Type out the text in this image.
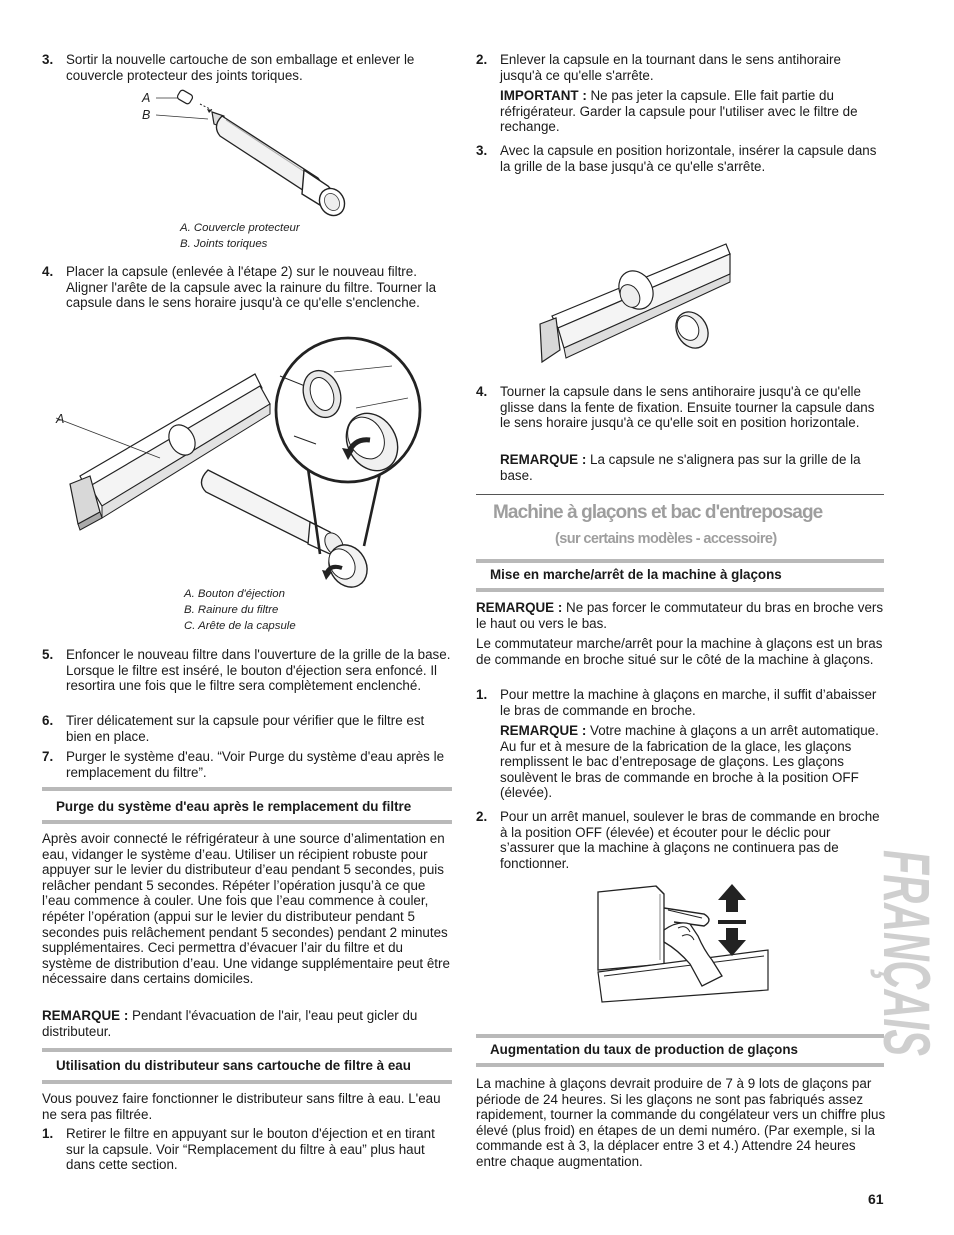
3. Sortir la nouvelle cartouche de son emballage et enlever le couvercle protecteur des joints toriques.
A
B
A. Couvercle protecteur
B. Joints toriques
4. Placer la capsule (enlevée à l'étape 2) sur le nouveau filtre. Aligner l'arête de la capsule avec la rainure du filtre. Tourner la capsule dans le sens horaire jusqu'à ce qu'elle s'enclenche.
A
A. Bouton d'éjection
B. Rainure du filtre
C. Arête de la capsule
5. Enfoncer le nouveau filtre dans l'ouverture de la grille de la base. Lorsque le filtre est inséré, le bouton d'éjection sera enfoncé. Il resortira une fois que le filtre sera complètement enclenché.
6. Tirer délicatement sur la capsule pour vérifier que le filtre est bien en place.
7. Purger le système d'eau. “Voir Purge du système d'eau après le remplacement du filtre”.
Purge du système d'eau après le remplacement du filtre
Après avoir connecté le réfrigérateur à une source d’alimentation en eau, vidanger le système d’eau. Utiliser un récipient robuste pour appuyer sur le levier du distributeur d’eau pendant 5 secondes, puis relâcher pendant 5 secondes. Répéter l’opération jusqu’à ce que l’eau commence à couler. Une fois que l’eau commence à couler, répéter l’opération (appui sur le levier du distributeur pendant 5 secondes puis relâchement pendant 5 secondes) pendant 2 minutes supplémentaires. Ceci permettra d’évacuer l’air du filtre et du système de distribution d’eau. Une vidange supplémentaire peut être nécessaire dans certains domiciles.
REMARQUE : Pendant l'évacuation de l'air, l'eau peut gicler du distributeur.
Utilisation du distributeur sans cartouche de filtre à eau
Vous pouvez faire fonctionner le distributeur sans filtre à eau. L'eau ne sera pas filtrée.
1. Retirer le filtre en appuyant sur le bouton d'éjection et en tirant sur la capsule. Voir “Remplacement du filtre à eau” plus haut dans cette section.
2. Enlever la capsule en la tournant dans le sens antihoraire jusqu'à ce qu'elle s'arrête.
IMPORTANT : Ne pas jeter la capsule. Elle fait partie du réfrigérateur. Garder la capsule pour l'utiliser avec le filtre de rechange.
3. Avec la capsule en position horizontale, insérer la capsule dans la grille de la base jusqu'à ce qu'elle s'arrête.
4. Tourner la capsule dans le sens antihoraire jusqu'à ce qu'elle glisse dans la fente de fixation. Ensuite tourner la capsule dans le sens horaire jusqu'à ce qu'elle soit en position horizontale.
REMARQUE : La capsule ne s'alignera pas sur la grille de la base.
Machine à glaçons et bac d'entreposage
(sur certains modèles - accessoire)
Mise en marche/arrêt de la machine à glaçons
REMARQUE : Ne pas forcer le commutateur du bras en broche vers le haut ou vers le bas.
Le commutateur marche/arrêt pour la machine à glaçons est un bras de commande en broche situé sur le côté de la machine à glaçons.
1. Pour mettre la machine à glaçons en marche, il suffit d’abaisser le bras de commande en broche.
REMARQUE : Votre machine à glaçons a un arrêt automatique. Au fur et à mesure de la fabrication de la glace, les glaçons remplissent le bac d’entreposage de glaçons. Les glaçons soulèvent le bras de commande en broche à la position OFF (élevée).
2. Pour un arrêt manuel, soulever le bras de commande en broche à la position OFF (élevée) et écouter pour le déclic pour s’assurer que la machine à glaçons ne continuera pas de fonctionner.
Augmentation du taux de production de glaçons
La machine à glaçons devrait produire de 7 à 9 lots de glaçons par période de 24 heures. Si les glaçons ne sont pas fabriqués assez rapidement, tourner la commande du congélateur vers un chiffre plus élevé (plus froid) en étapes de un demi numéro. (Par exemple, si la commande est à 3, la déplacer entre 3 et 4.) Attendre 24 heures entre chaque augmentation.	FRANÇAIS
61
